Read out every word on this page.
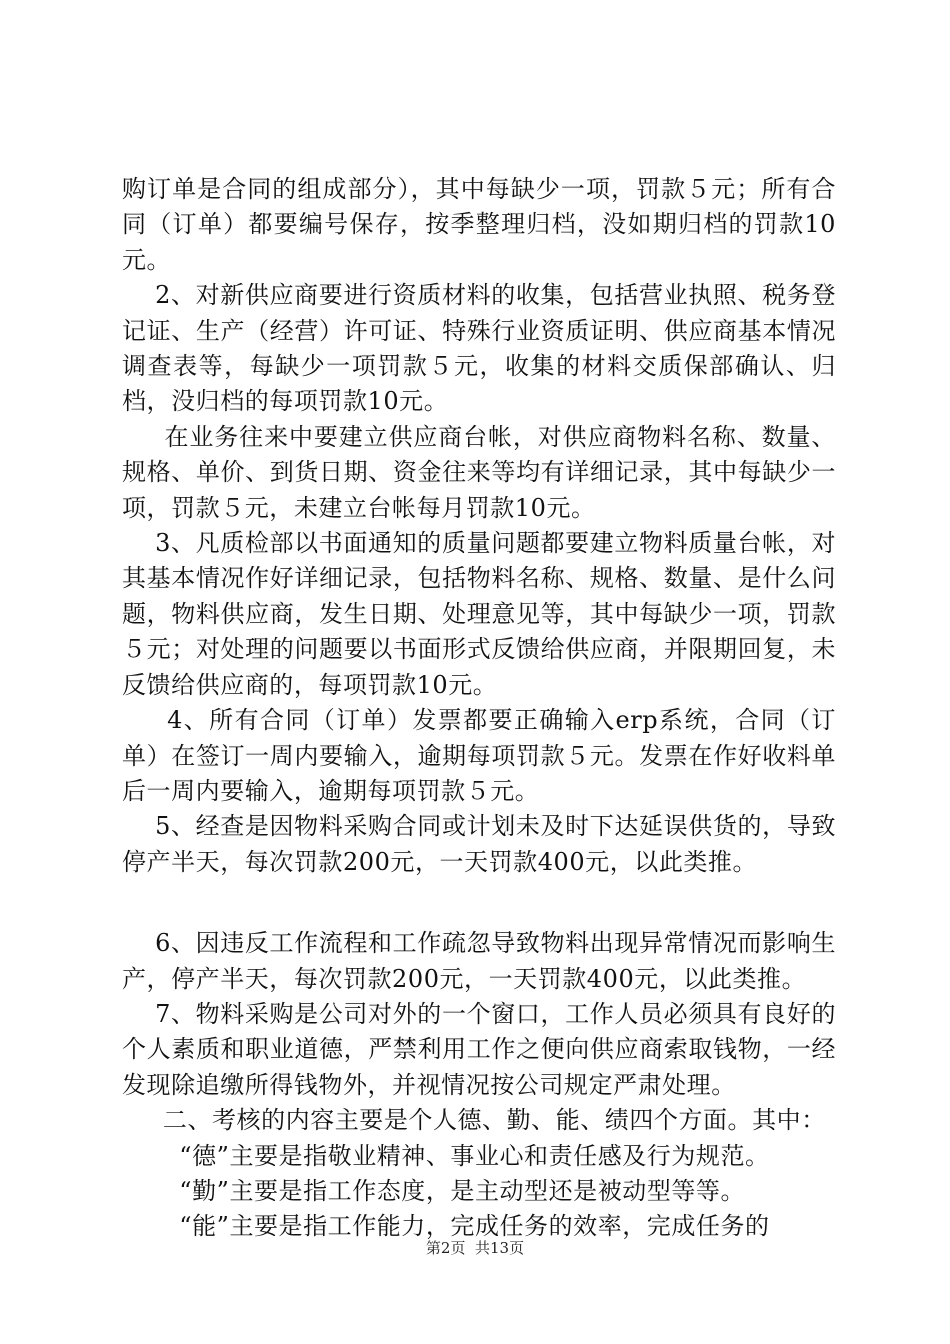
购订单是合同的组成部分），其中每缺少一项，罚款５元；所有合同（订单）都要编号保存，按季整理归档，没如期归档的罚款10元。

2、对新供应商要进行资质材料的收集，包括营业执照、税务登记证、生产（经营）许可证、特殊行业资质证明、供应商基本情况调查表等，每缺少一项罚款５元，收集的材料交质保部确认、归档，没归档的每项罚款10元。

在业务往来中要建立供应商台帐，对供应商物料名称、数量、规格、单价、到货日期、资金往来等均有详细记录，其中每缺少一项，罚款５元，未建立台帐每月罚款10元。

3、凡质检部以书面通知的质量问题都要建立物料质量台帐，对其基本情况作好详细记录，包括物料名称、规格、数量、是什么问题，物料供应商，发生日期、处理意见等，其中每缺少一项，罚款５元；对处理的问题要以书面形式反馈给供应商，并限期回复，未反馈给供应商的，每项罚款10元。

4、所有合同（订单）发票都要正确输入erp系统，合同（订单）在签订一周内要输入，逾期每项罚款５元。发票在作好收料单后一周内要输入，逾期每项罚款５元。

5、经查是因物料采购合同或计划未及时下达延误供货的，导致停产半天，每次罚款200元，一天罚款400元，以此类推。

6、因违反工作流程和工作疏忽导致物料出现异常情况而影响生产，停产半天，每次罚款200元，一天罚款400元，以此类推。

7、物料采购是公司对外的一个窗口，工作人员必须具有良好的个人素质和职业道德，严禁利用工作之便向供应商索取钱物，一经发现除追缴所得钱物外，并视情况按公司规定严肃处理。

二、考核的内容主要是个人德、勤、能、绩四个方面。其中：

“德”主要是指敬业精神、事业心和责任感及行为规范。

“勤”主要是指工作态度，是主动型还是被动型等等。

“能”主要是指工作能力，完成任务的效率，完成任务的

第2页  共13页
